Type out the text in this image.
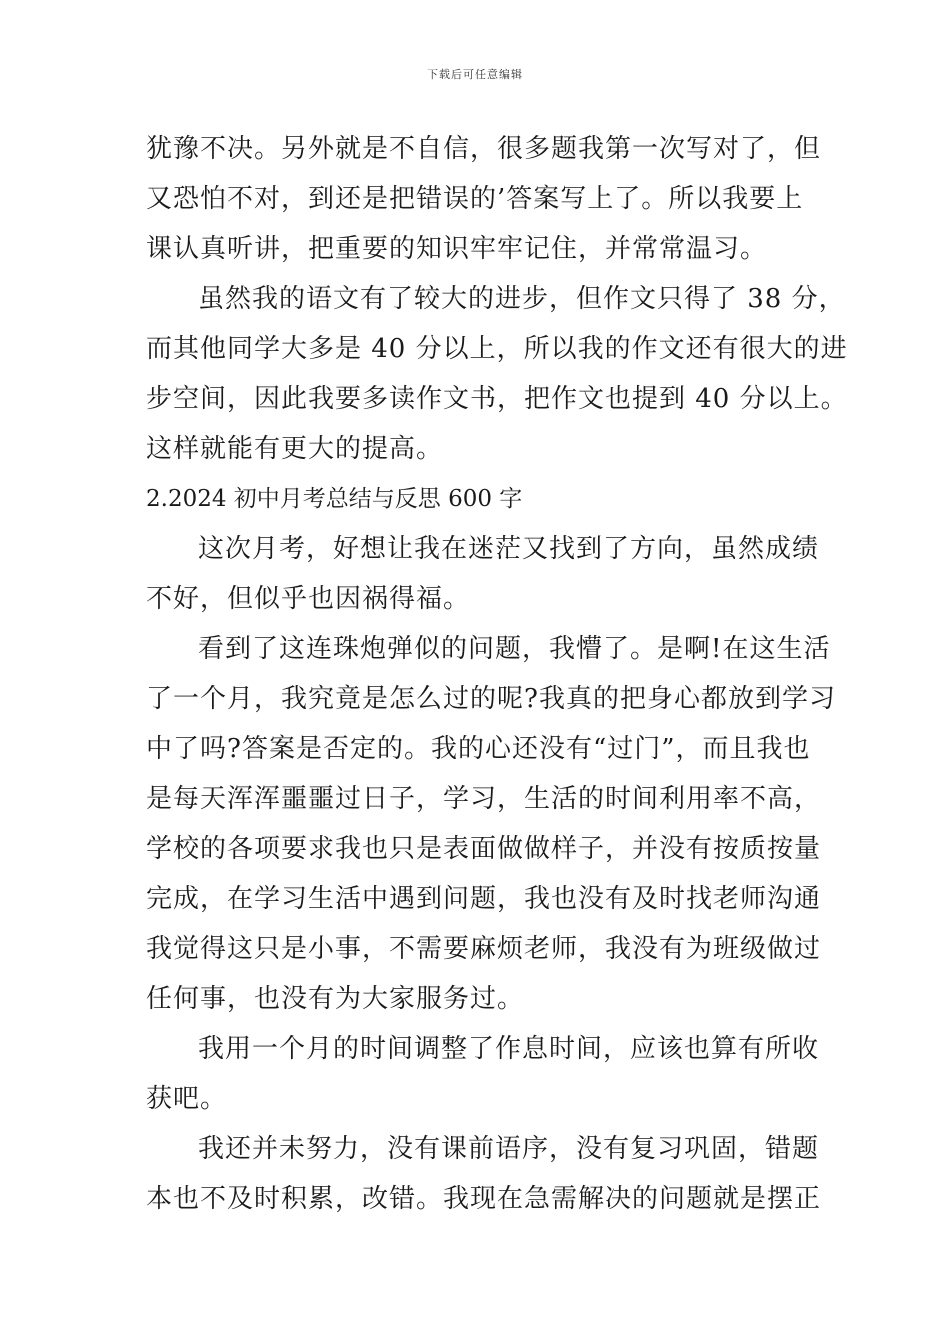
下载后可任意编辑
犹豫不决。另外就是不自信，很多题我第一次写对了，但
又恐怕不对，到还是把错误的’答案写上了。所以我要上
课认真听讲，把重要的知识牢牢记住，并常常温习。
虽然我的语文有了较大的进步，但作文只得了 38 分，
而其他同学大多是 40 分以上，所以我的作文还有很大的进
步空间，因此我要多读作文书，把作文也提到 40 分以上。
这样就能有更大的提高。
2.2024 初中月考总结与反思 600 字
这次月考，好想让我在迷茫又找到了方向，虽然成绩
不好，但似乎也因祸得福。
看到了这连珠炮弹似的问题，我懵了。是啊!在这生活
了一个月，我究竟是怎么过的呢?我真的把身心都放到学习
中了吗?答案是否定的。我的心还没有“过门”，而且我也
是每天浑浑噩噩过日子，学习，生活的时间利用率不高，
学校的各项要求我也只是表面做做样子，并没有按质按量
完成，在学习生活中遇到问题，我也没有及时找老师沟通
我觉得这只是小事，不需要麻烦老师，我没有为班级做过
任何事，也没有为大家服务过。
我用一个月的时间调整了作息时间，应该也算有所收
获吧。
我还并未努力，没有课前语序，没有复习巩固，错题
本也不及时积累，改错。我现在急需解决的问题就是摆正
